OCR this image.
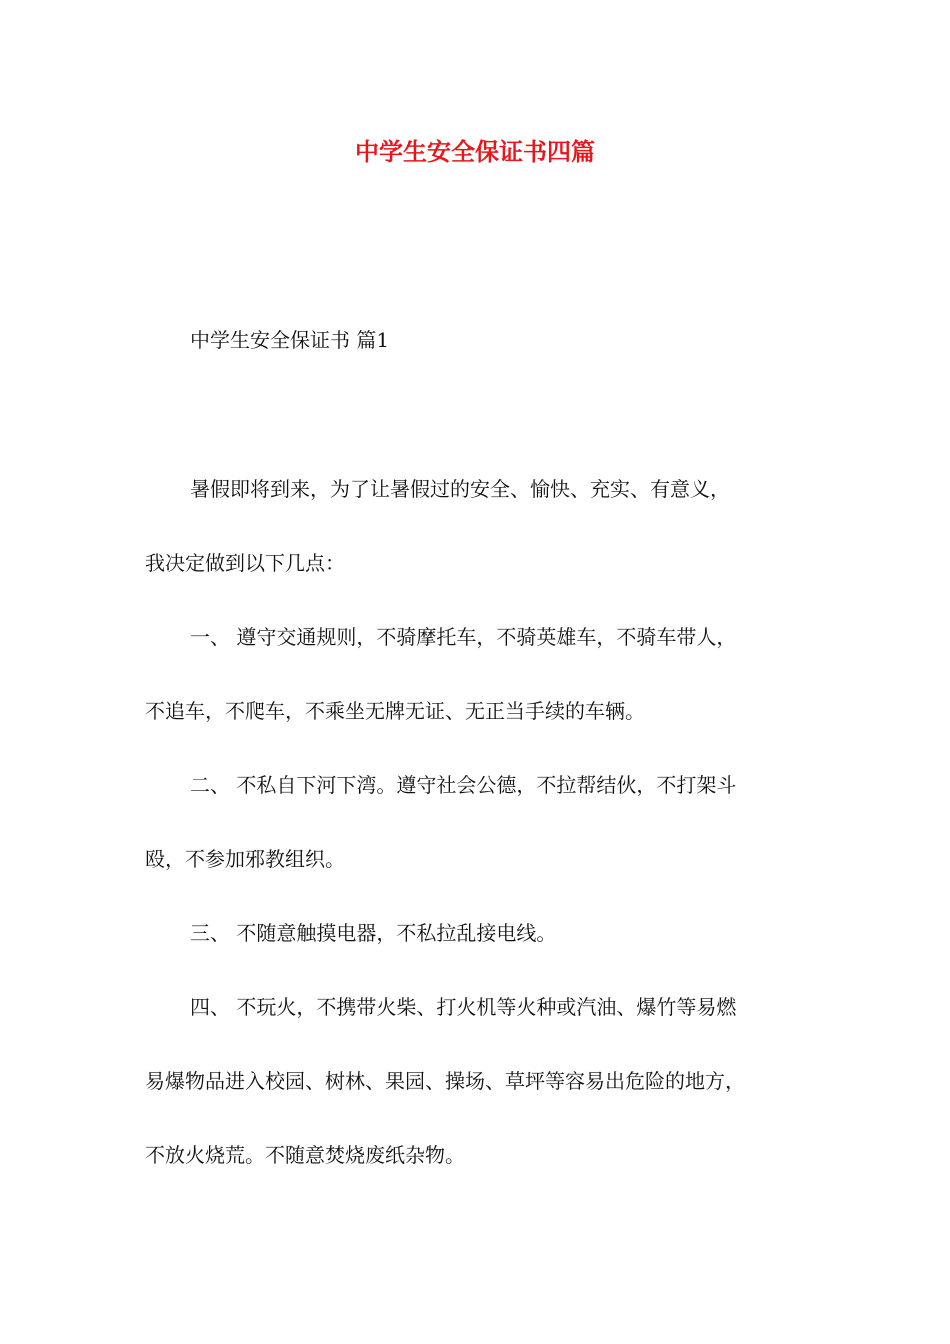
中学生安全保证书四篇
中学生安全保证书 篇1
暑假即将到来，为了让暑假过的安全、愉快、充实、有意义，
我决定做到以下几点：
一、 遵守交通规则，不骑摩托车，不骑英雄车，不骑车带人，
不追车，不爬车，不乘坐无牌无证、无正当手续的车辆。
二、 不私自下河下湾。遵守社会公德，不拉帮结伙，不打架斗
殴，不参加邪教组织。
三、 不随意触摸电器，不私拉乱接电线。
四、 不玩火，不携带火柴、打火机等火种或汽油、爆竹等易燃
易爆物品进入校园、树林、果园、操场、草坪等容易出危险的地方，
不放火烧荒。不随意焚烧废纸杂物。
